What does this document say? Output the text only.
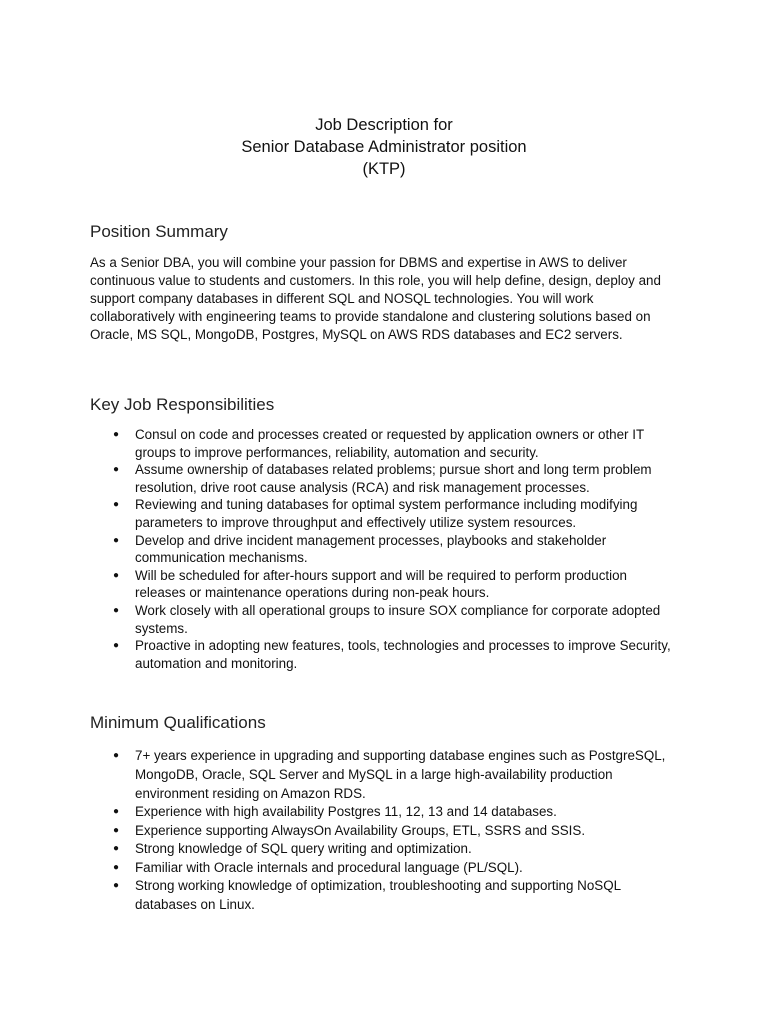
Job Description for
Senior Database Administrator position
(KTP)
Position Summary

As a Senior DBA, you will combine your passion for DBMS and expertise in AWS to deliver continuous value to students and customers. In this role, you will help define, design, deploy and support company databases in different SQL and NOSQL technologies. You will work collaboratively with engineering teams to provide standalone and clustering solutions based on Oracle, MS SQL, MongoDB, Postgres, MySQL on AWS RDS databases and EC2 servers.

Key Job Responsibilities
● Consul on code and processes created or requested by application owners or other IT groups to improve performances, reliability, automation and security.
● Assume ownership of databases related problems; pursue short and long term problem resolution, drive root cause analysis (RCA) and risk management processes.
● Reviewing and tuning databases for optimal system performance including modifying parameters to improve throughput and effectively utilize system resources.
● Develop and drive incident management processes, playbooks and stakeholder communication mechanisms.
● Will be scheduled for after-hours support and will be required to perform production releases or maintenance operations during non-peak hours.
● Work closely with all operational groups to insure SOX compliance for corporate adopted systems.
● Proactive in adopting new features, tools, technologies and processes to improve Security, automation and monitoring.
Minimum Qualifications
● 7+ years experience in upgrading and supporting database engines such as PostgreSQL, MongoDB, Oracle, SQL Server and MySQL in a large high-availability production environment residing on Amazon RDS.
● Experience with high availability Postgres 11, 12, 13 and 14 databases.
● Experience supporting AlwaysOn Availability Groups, ETL, SSRS and SSIS.
● Strong knowledge of SQL query writing and optimization.
● Familiar with Oracle internals and procedural language (PL/SQL).
● Strong working knowledge of optimization, troubleshooting and supporting NoSQL databases on Linux.
